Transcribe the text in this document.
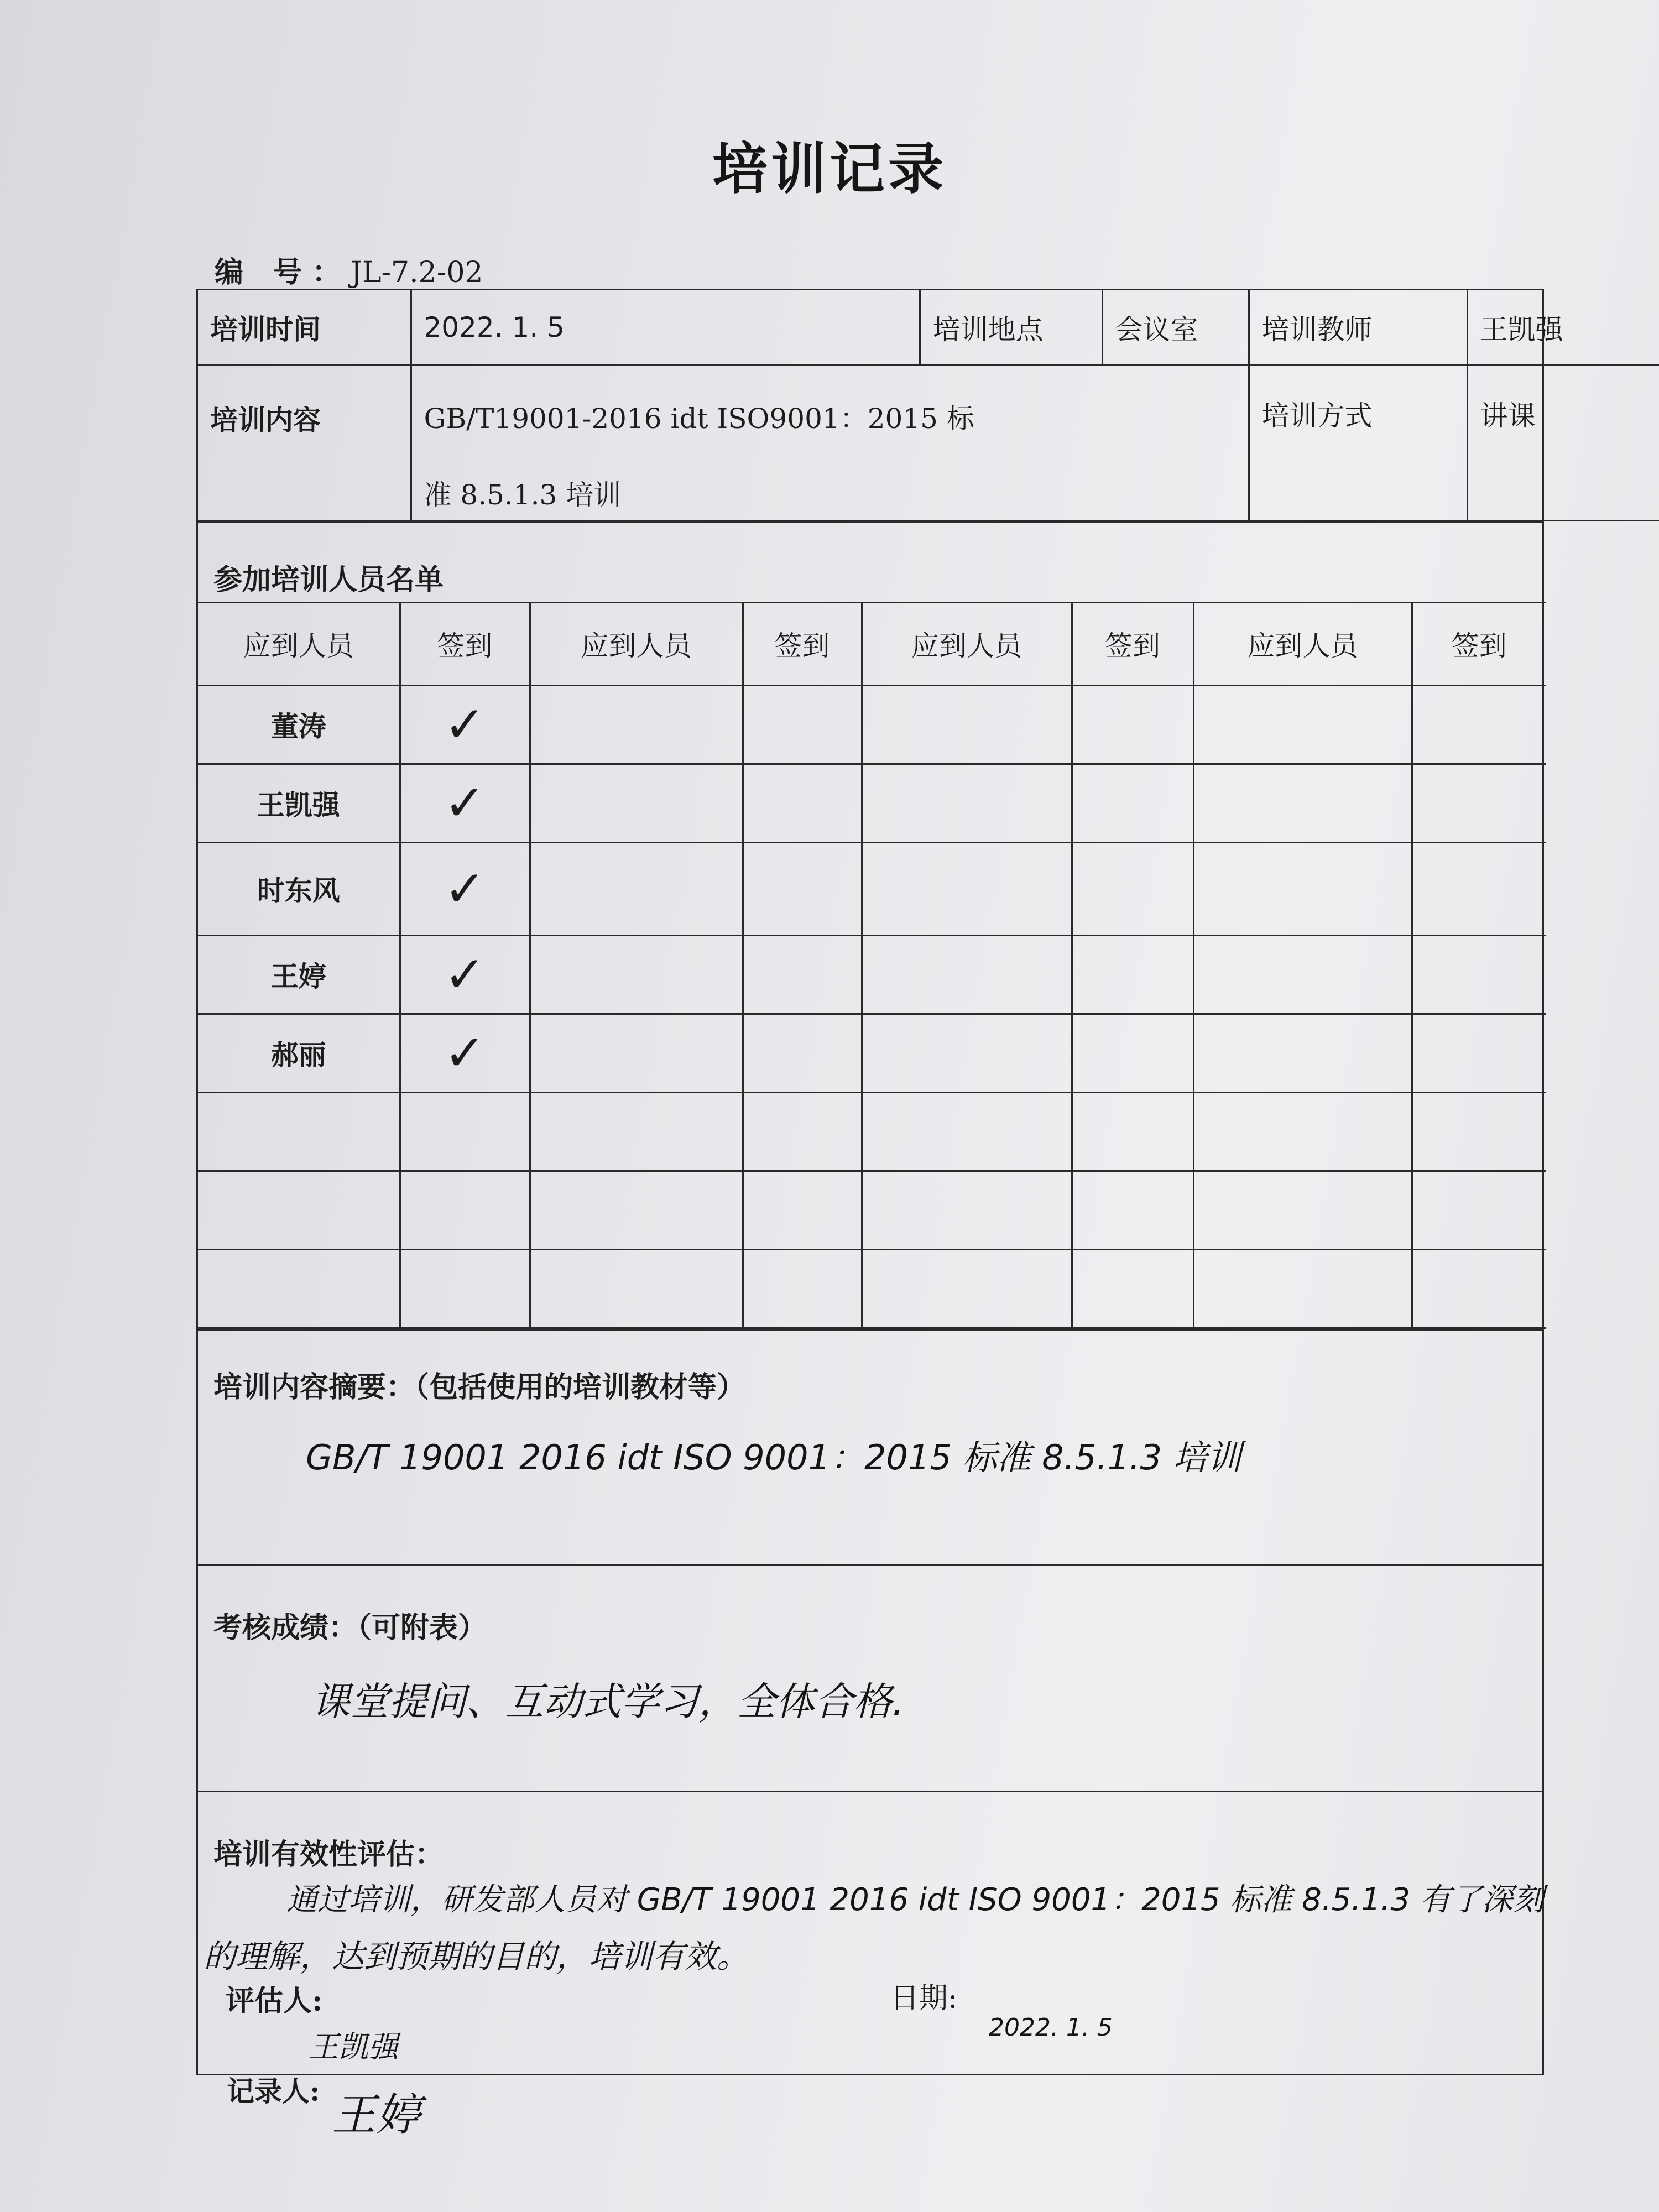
培训记录
编 号：JL-7.2-02
培训时间	2022. 1. 5	培训地点	会议室	培训教师	王凯强
培训内容	GB/T19001-2016 idt ISO9001：2015 标
准 8.5.1.3 培训			培训方式	讲课
参加培训人员名单
应到人员	签到	应到人员	签到	应到人员	签到	应到人员	签到
董涛	✓						
王凯强	✓						
时东风	✓						
王婷	✓						
郝丽	✓						

培训内容摘要：（包括使用的培训教材等）
GB/T 19001 2016 idt ISO 9001：2015 标准 8.5.1.3 培训
考核成绩：（可附表）
课堂提问、互动式学习，全体合格.
培训有效性评估：
通过培训，研发部人员对 GB/T 19001 2016 idt ISO 9001：2015 标准 8.5.1.3 有了深刻
的理解，达到预期的目的，培训有效。
评估人:
王凯强
日期:
2022. 1. 5
记录人: 王婷
